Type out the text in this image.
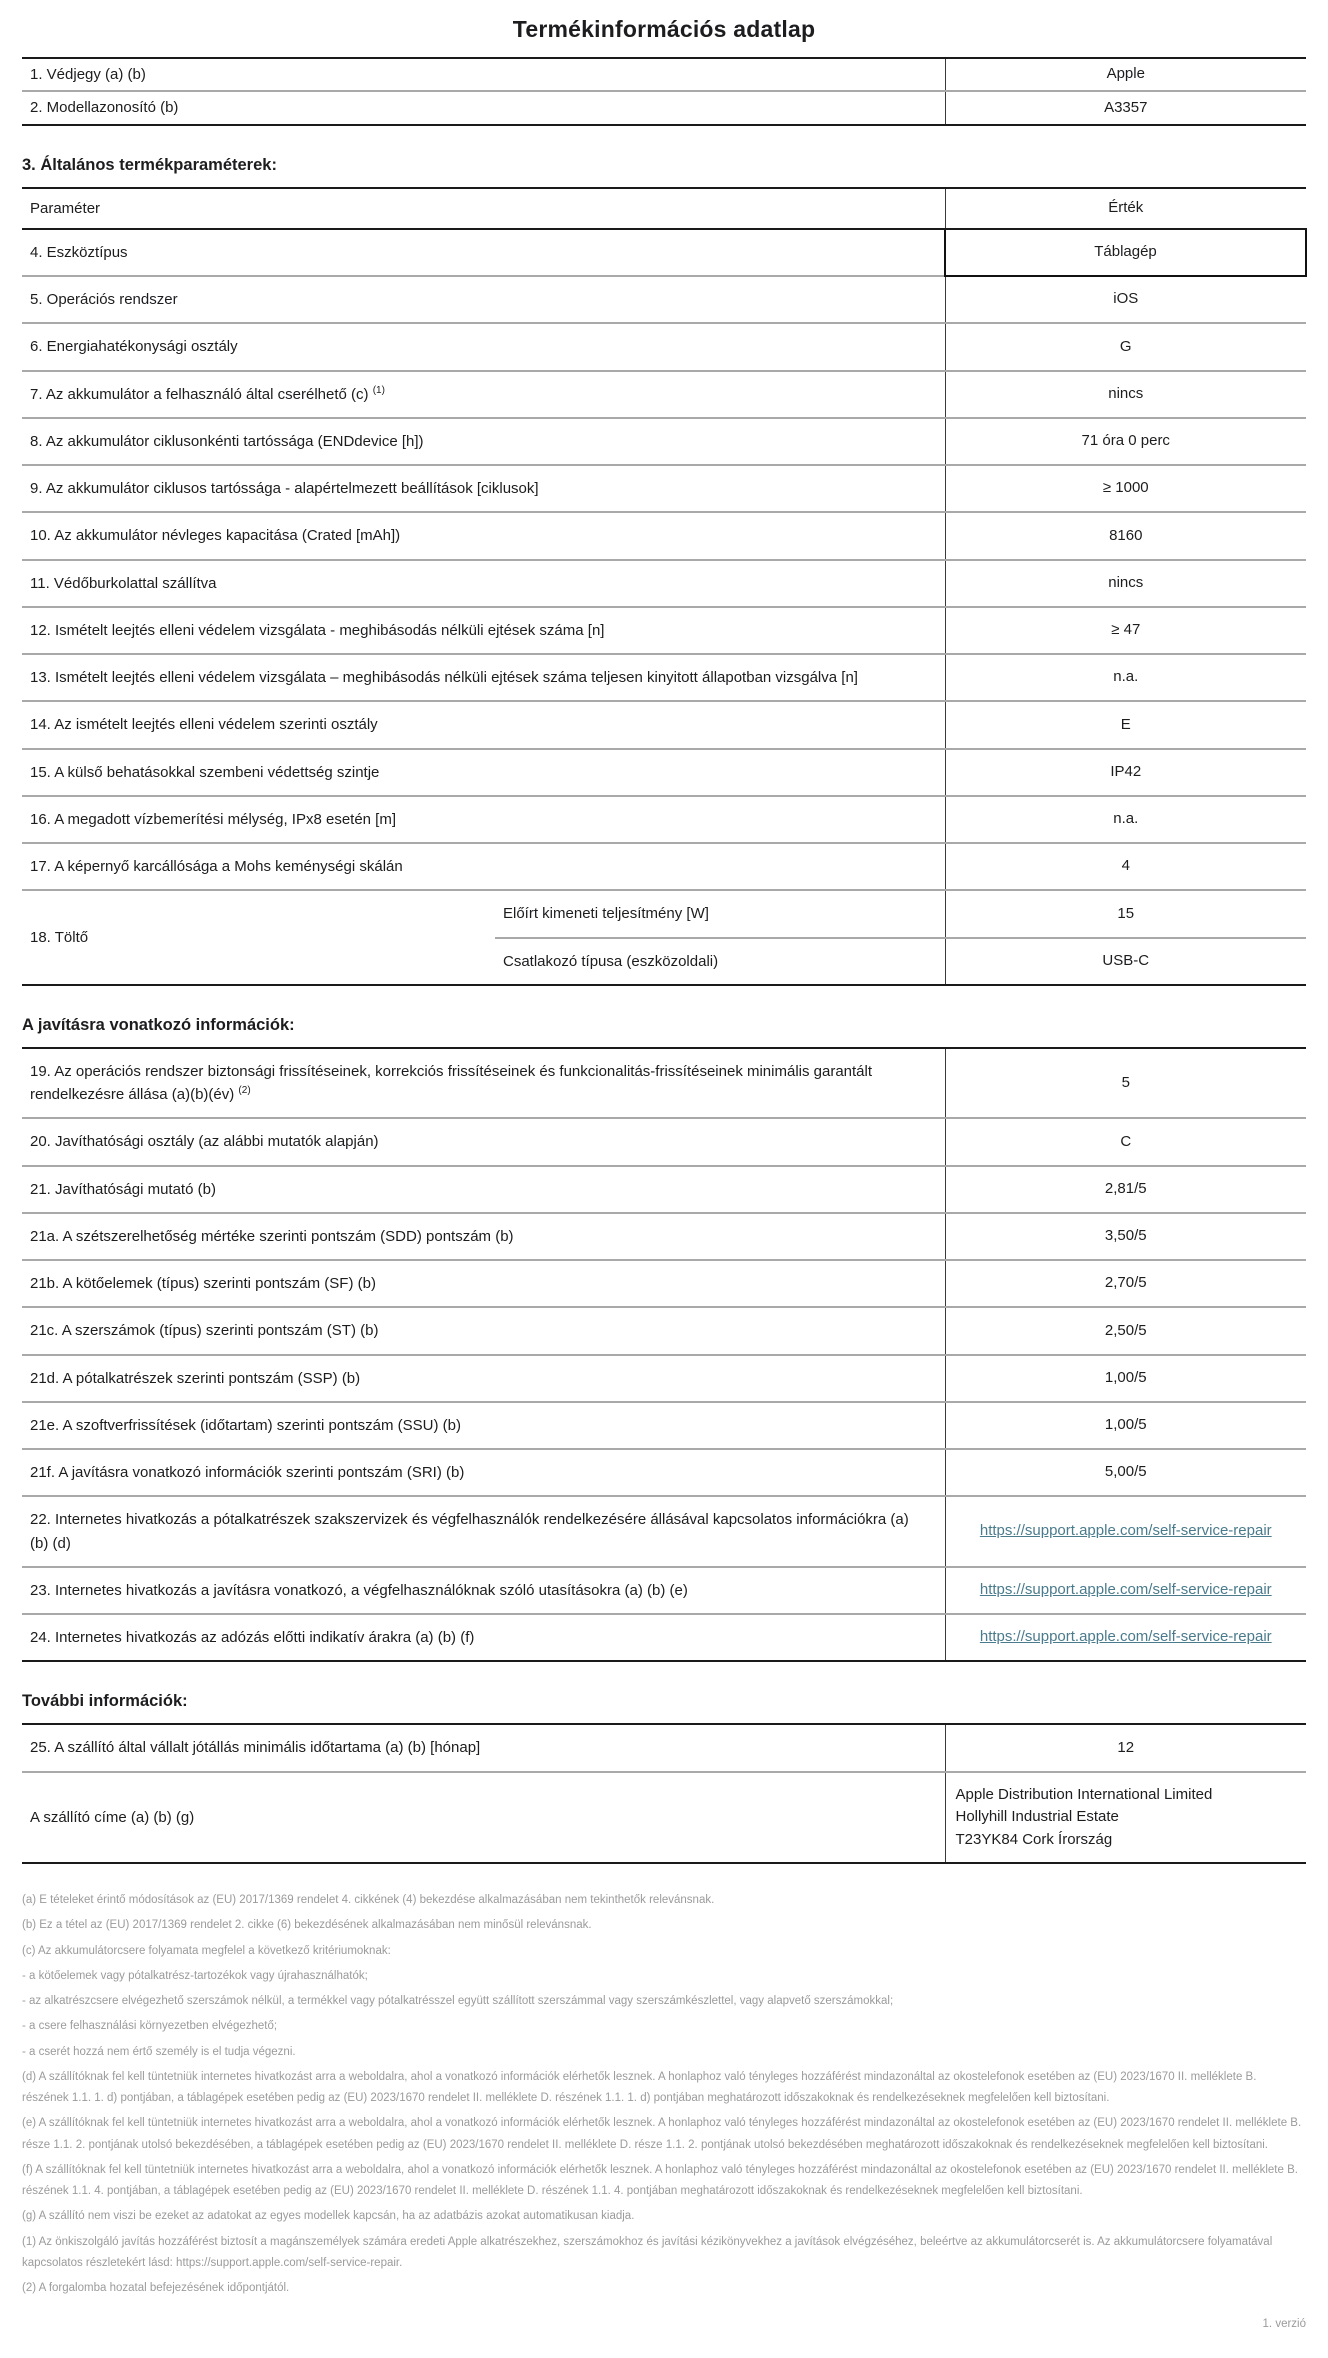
Termékinformációs adatlap
1. Védjegy (a) (b)	Apple
2. Modellazonosító (b)	A3357
3. Általános termékparaméterek:
Paraméter		Érték
4. Eszköztípus		Táblagép
5. Operációs rendszer		iOS
6. Energiahatékonysági osztály		G
7. Az akkumulátor a felhasználó által cserélhető (c) $^{(1)}$		nincs
8. Az akkumulátor ciklusonkénti tartóssága (ENDdevice [h])		71 óra 0 perc
9. Az akkumulátor ciklusos tartóssága - alapértelmezett beállítások [ciklusok]		≥ 1000
10. Az akkumulátor névleges kapacitása (Crated [mAh])		8160
11. Védőburkolattal szállítva		nincs
12. Ismételt leejtés elleni védelem vizsgálata - meghibásodás nélküli ejtések száma [n]		≥ 47
13. Ismételt leejtés elleni védelem vizsgálata – meghibásodás nélküli ejtések száma teljesen kinyitott állapotban vizsgálva [n]		n.a.
14. Az ismételt leejtés elleni védelem szerinti osztály		E
15. A külső behatásokkal szembeni védettség szintje		IP42
16. A megadott vízbemerítési mélység, IPx8 esetén [m]		n.a.
17. A képernyő karcállósága a Mohs keménységi skálán		4
18. Töltő	Előírt kimeneti teljesítmény [W]	15
	Csatlakozó típusa (eszközoldali)	USB-C
A javításra vonatkozó információk:
19. Az operációs rendszer biztonsági frissítéseinek, korrekciós frissítéseinek és funkcionalitás-frissítéseinek minimális garantált rendelkezésre állása (a)(b)(év) $^{(2)}$	5
20. Javíthatósági osztály (az alábbi mutatók alapján)	C
21. Javíthatósági mutató (b)	2,81/5
21a. A szétszerelhetőség mértéke szerinti pontszám (SDD) pontszám (b)	3,50/5
21b. A kötőelemek (típus) szerinti pontszám (SF) (b)	2,70/5
21c. A szerszámok (típus) szerinti pontszám (ST) (b)	2,50/5
21d. A pótalkatrészek szerinti pontszám (SSP) (b)	1,00/5
21e. A szoftverfrissítések (időtartam) szerinti pontszám (SSU) (b)	1,00/5
21f. A javításra vonatkozó információk szerinti pontszám (SRI) (b)	5,00/5
22. Internetes hivatkozás a pótalkatrészek szakszervizek és végfelhasználók rendelkezésére állásával kapcsolatos információkra (a) (b) (d)	https://support.apple.com/self-service-repair
23. Internetes hivatkozás a javításra vonatkozó, a végfelhasználóknak szóló utasításokra (a) (b) (e)	https://support.apple.com/self-service-repair
24. Internetes hivatkozás az adózás előtti indikatív árakra (a) (b) (f)	https://support.apple.com/self-service-repair
További információk:
25. A szállító által vállalt jótállás minimális időtartama (a) (b) [hónap]	12
A szállító címe (a) (b) (g)	Apple Distribution International Limited
Hollyhill Industrial Estate
T23YK84 Cork Írország

(a) E tételeket érintő módosítások az (EU) 2017/1369 rendelet 4. cikkének (4) bekezdése alkalmazásában nem tekinthetők relevánsnak.

(b) Ez a tétel az (EU) 2017/1369 rendelet 2. cikke (6) bekezdésének alkalmazásában nem minősül relevánsnak.

(c) Az akkumulátorcsere folyamata megfelel a következő kritériumoknak:

- a kötőelemek vagy pótalkatrész-tartozékok vagy újrahasználhatók;

- az alkatrészcsere elvégezhető szerszámok nélkül, a termékkel vagy pótalkatrésszel együtt szállított szerszámmal vagy szerszámkészlettel, vagy alapvető szerszámokkal;

- a csere felhasználási környezetben elvégezhető;

- a cserét hozzá nem értő személy is el tudja végezni.

(d) A szállítóknak fel kell tüntetniük internetes hivatkozást arra a weboldalra, ahol a vonatkozó információk elérhetők lesznek. A honlaphoz való tényleges hozzáférést mindazonáltal az okostelefonok esetében az (EU) 2023/1670 II. melléklete B. részének 1.1. 1. d) pontjában, a táblagépek esetében pedig az (EU) 2023/1670 rendelet II. melléklete D. részének 1.1. 1. d) pontjában meghatározott időszakoknak és rendelkezéseknek megfelelően kell biztosítani.

(e) A szállítóknak fel kell tüntetniük internetes hivatkozást arra a weboldalra, ahol a vonatkozó információk elérhetők lesznek. A honlaphoz való tényleges hozzáférést mindazonáltal az okostelefonok esetében az (EU) 2023/1670 rendelet II. melléklete B. része 1.1. 2. pontjának utolsó bekezdésében, a táblagépek esetében pedig az (EU) 2023/1670 rendelet II. melléklete D. része 1.1. 2. pontjának utolsó bekezdésében meghatározott időszakoknak és rendelkezéseknek megfelelően kell biztosítani.

(f) A szállítóknak fel kell tüntetniük internetes hivatkozást arra a weboldalra, ahol a vonatkozó információk elérhetők lesznek. A honlaphoz való tényleges hozzáférést mindazonáltal az okostelefonok esetében az (EU) 2023/1670 rendelet II. melléklete B. részének 1.1. 4. pontjában, a táblagépek esetében pedig az (EU) 2023/1670 rendelet II. melléklete D. részének 1.1. 4. pontjában meghatározott időszakoknak és rendelkezéseknek megfelelően kell biztosítani.

(g) A szállító nem viszi be ezeket az adatokat az egyes modellek kapcsán, ha az adatbázis azokat automatikusan kiadja.

(1) Az önkiszolgáló javítás hozzáférést biztosít a magánszemélyek számára eredeti Apple alkatrészekhez, szerszámokhoz és javítási kézikönyvekhez a javítások elvégzéséhez, beleértve az akkumulátorcserét is. Az akkumulátorcsere folyamatával kapcsolatos részletekért lásd: https://support.apple.com/self-service-repair.

(2) A forgalomba hozatal befejezésének időpontjától.

1. verzió
